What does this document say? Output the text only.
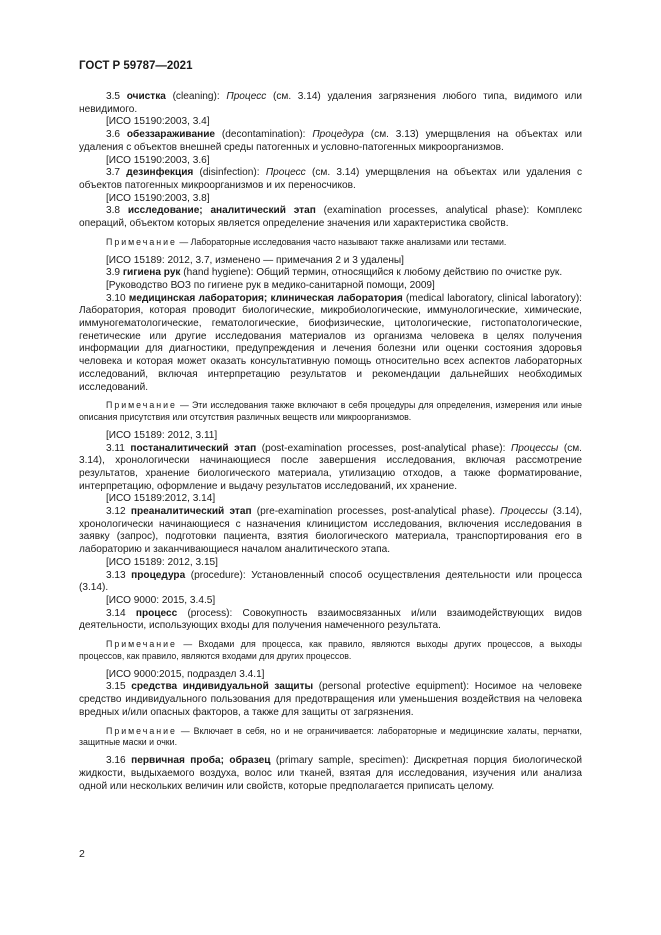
ГОСТ Р 59787—2021
3.5 очистка (cleaning): Процесс (см. 3.14) удаления загрязнения любого типа, видимого или невидимого.
[ИСО 15190:2003, 3.4]
3.6 обеззараживание (decontamination): Процедура (см. 3.13) умерщвления на объектах или удаления с объектов внешней среды патогенных и условно-патогенных микроорганизмов.
[ИСО 15190:2003, 3.6]
3.7 дезинфекция (disinfection): Процесс (см. 3.14) умерщвления на объектах или удаления с объектов патогенных микроорганизмов и их переносчиков.
[ИСО 15190:2003, 3.8]
3.8 исследование; аналитический этап (examination processes, analytical phase): Комплекс операций, объектом которых является определение значения или характеристика свойств.
Примечание — Лабораторные исследования часто называют также анализами или тестами.
[ИСО 15189: 2012, 3.7, изменено — примечания 2 и 3 удалены]
3.9 гигиена рук (hand hygiene): Общий термин, относящийся к любому действию по очистке рук.
[Руководство ВОЗ по гигиене рук в медико-санитарной помощи, 2009]
3.10 медицинская лаборатория; клиническая лаборатория (medical laboratory, clinical laboratory): Лаборатория, которая проводит биологические, микробиологические, иммунологические, химические, иммуногематологические, гематологические, биофизические, цитологические, гистопатологические, генетические или другие исследования материалов из организма человека в целях получения информации для диагностики, предупреждения и лечения болезни или оценки состояния здоровья человека и которая может оказать консультативную помощь относительно всех аспектов лабораторных исследований, включая интерпретацию результатов и рекомендации дальнейших необходимых исследований.
Примечание — Эти исследования также включают в себя процедуры для определения, измерения или иные описания присутствия или отсутствия различных веществ или микроорганизмов.
[ИСО 15189: 2012, 3.11]
3.11 постаналитический этап (post-examination processes, post-analytical phase): Процессы (см. 3.14), хронологически начинающиеся после завершения исследования, включая рассмотрение результатов, хранение биологического материала, утилизацию отходов, а также форматирование, интерпретацию, оформление и выдачу результатов исследований, их хранение.
[ИСО 15189:2012, 3.14]
3.12 преаналитический этап (pre-examination processes, post-analytical phase). Процессы (3.14), хронологически начинающиеся с назначения клиницистом исследования, включения исследования в заявку (запрос), подготовки пациента, взятия биологического материала, транспортирования его в лабораторию и заканчивающиеся началом аналитического этапа.
[ИСО 15189: 2012, 3.15]
3.13 процедура (procedure): Установленный способ осуществления деятельности или процесса (3.14).
[ИСО 9000: 2015, 3.4.5]
3.14 процесс (process): Совокупность взаимосвязанных и/или взаимодействующих видов деятельности, использующих входы для получения намеченного результата.
Примечание — Входами для процесса, как правило, являются выходы других процессов, а выходы процессов, как правило, являются входами для других процессов.
[ИСО 9000:2015, подраздел 3.4.1]
3.15 средства индивидуальной защиты (personal protective equipment): Носимое на человеке средство индивидуального пользования для предотвращения или уменьшения воздействия на человека вредных и/или опасных факторов, а также для защиты от загрязнения.
Примечание — Включает в себя, но и не ограничивается: лабораторные и медицинские халаты, перчатки, защитные маски и очки.
3.16 первичная проба; образец (primary sample, specimen): Дискретная порция биологической жидкости, выдыхаемого воздуха, волос или тканей, взятая для исследования, изучения или анализа одной или нескольких величин или свойств, которые предполагается приписать целому.
2
